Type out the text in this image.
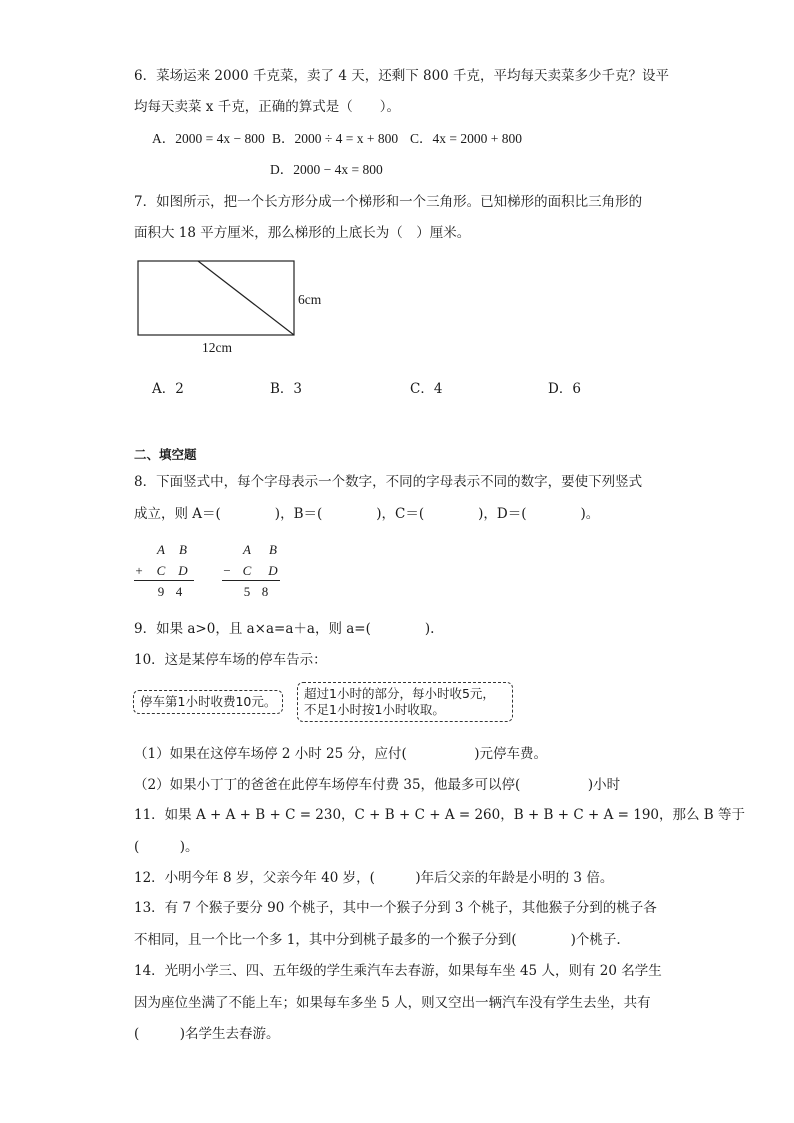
6．菜场运来 2000 千克菜，卖了 4 天，还剩下 800 千克，平均每天卖菜多少千克？设平
均每天卖菜 x 千克，正确的算式是（　　）。
A．2000 = 4x − 800 B．2000 ÷ 4 = x + 800 C．4x = 2000 + 800
D．2000 − 4x = 800
7．如图所示，把一个长方形分成一个梯形和一个三角形。已知梯形的面积比三角形的
面积大 18 平方厘米，那么梯形的上底长为（　）厘米。
6cm
12cm
A．2	B．3	C．4	D．6
二、填空题
8．下面竖式中，每个字母表示一个数字，不同的字母表示不同的数字，要使下列竖式
成立，则 A＝(　　　　)，B＝(　　　　)，C＝(　　　　)，D＝(　　　　)。
A B
+ C D
9 4
A B
− C D
5 8
9．如果 a>0，且 a×a=a＋a，则 a=(　　　　).
10．这是某停车场的停车告示：
停车第1小时收费10元。
超过1小时的部分，每小时收5元，
不足1小时按1小时收取。
（1）如果在这停车场停 2 小时 25 分，应付(　　　　　)元停车费。
（2）如果小丁丁的爸爸在此停车场停车付费 35，他最多可以停(　　　　　)小时
11．如果 A + A + B + C = 230，C + B + C + A = 260，B + B + C + A = 190，那么 B 等于
(　　　)。
12．小明今年 8 岁，父亲今年 40 岁，(　　　)年后父亲的年龄是小明的 3 倍。
13．有 7 个猴子要分 90 个桃子，其中一个猴子分到 3 个桃子，其他猴子分到的桃子各
不相同，且一个比一个多 1，其中分到桃子最多的一个猴子分到(　　　　)个桃子.
14．光明小学三、四、五年级的学生乘汽车去春游，如果每车坐 45 人，则有 20 名学生
因为座位坐满了不能上车；如果每车多坐 5 人，则又空出一辆汽车没有学生去坐，共有
(　　　)名学生去春游。
